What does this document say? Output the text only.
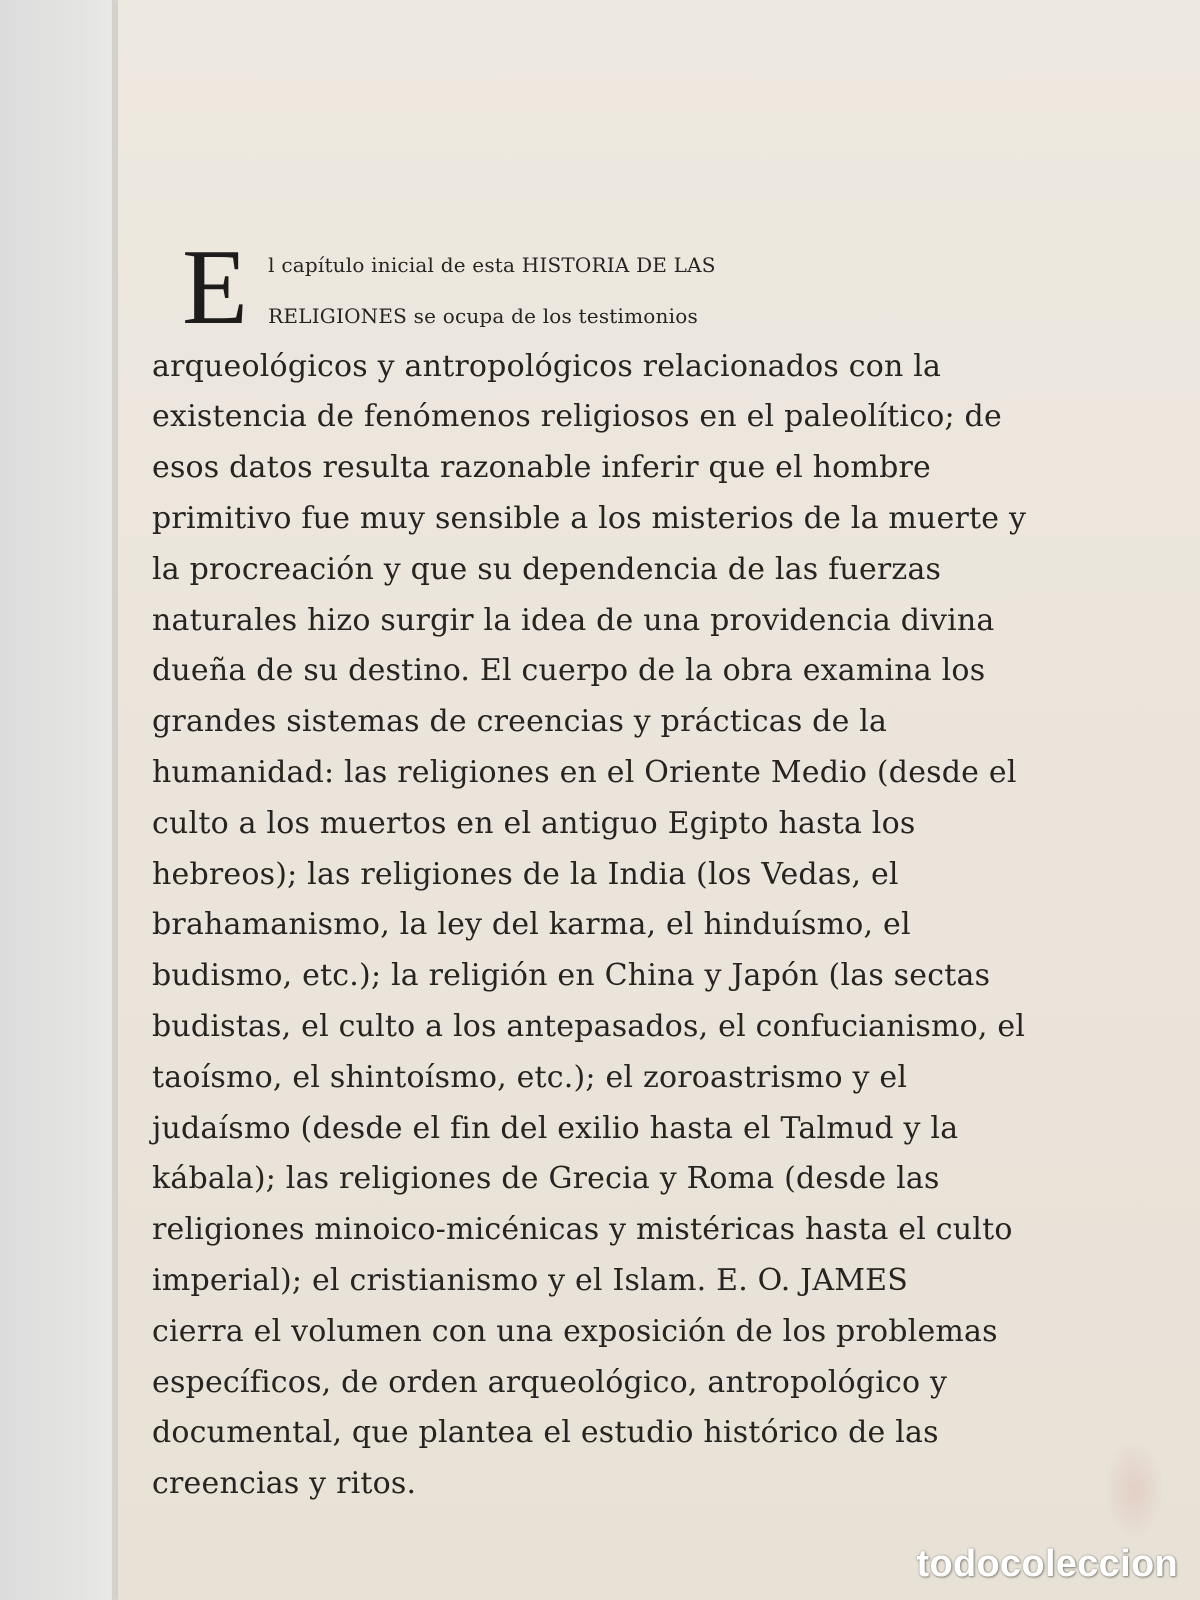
E	l capítulo inicial de esta HISTORIA DE LAS
RELIGIONES se ocupa de los testimonios
arqueológicos y antropológicos relacionados con la
existencia de fenómenos religiosos en el paleolítico; de
esos datos resulta razonable inferir que el hombre
primitivo fue muy sensible a los misterios de la muerte y
la procreación y que su dependencia de las fuerzas
naturales hizo surgir la idea de una providencia divina
dueña de su destino. El cuerpo de la obra examina los
grandes sistemas de creencias y prácticas de la
humanidad: las religiones en el Oriente Medio (desde el
culto a los muertos en el antiguo Egipto hasta los
hebreos); las religiones de la India (los Vedas, el
brahamanismo, la ley del karma, el hinduísmo, el
budismo, etc.); la religión en China y Japón (las sectas
budistas, el culto a los antepasados, el confucianismo, el
taoísmo, el shintoísmo, etc.); el zoroastrismo y el
judaísmo (desde el fin del exilio hasta el Talmud y la
kábala); las religiones de Grecia y Roma (desde las
religiones minoico-micénicas y mistéricas hasta el culto
imperial); el cristianismo y el Islam. E. O. JAMES
cierra el volumen con una exposición de los problemas
específicos, de orden arqueológico, antropológico y
documental, que plantea el estudio histórico de las
creencias y ritos.
todocoleccion
